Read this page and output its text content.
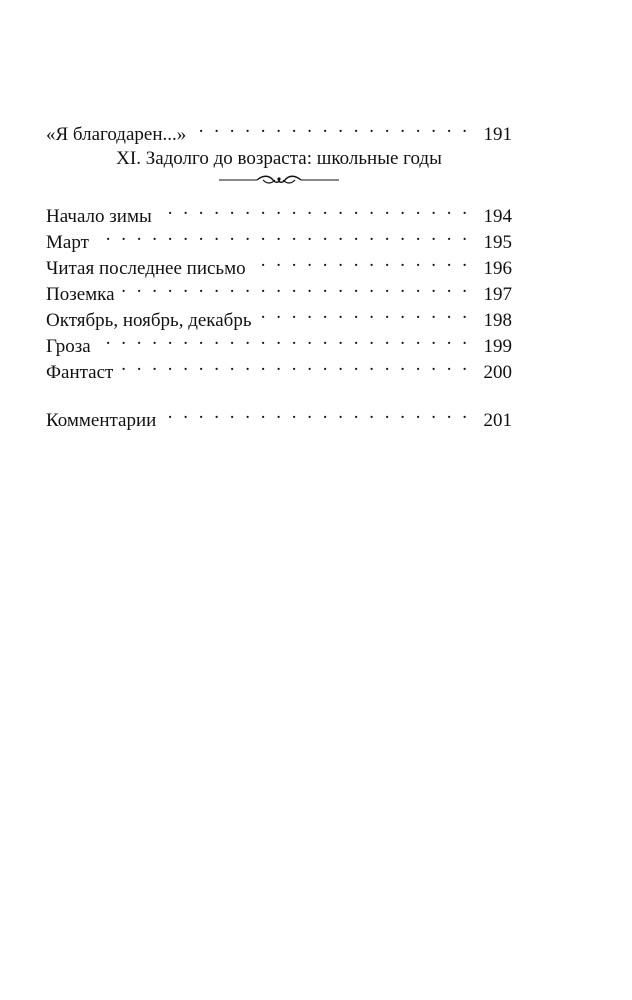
«Я благодарен...» . . .	191
XI. Задолго до возраста: школьные годы
Начало зимы . . .	194
Март . . .	195
Читая последнее письмо . . .	196
Поземка . . .	197
Октябрь, ноябрь, декабрь . . .	198
Гроза . . .	199
Фантаст . . .	200
Комментарии . . .	201
